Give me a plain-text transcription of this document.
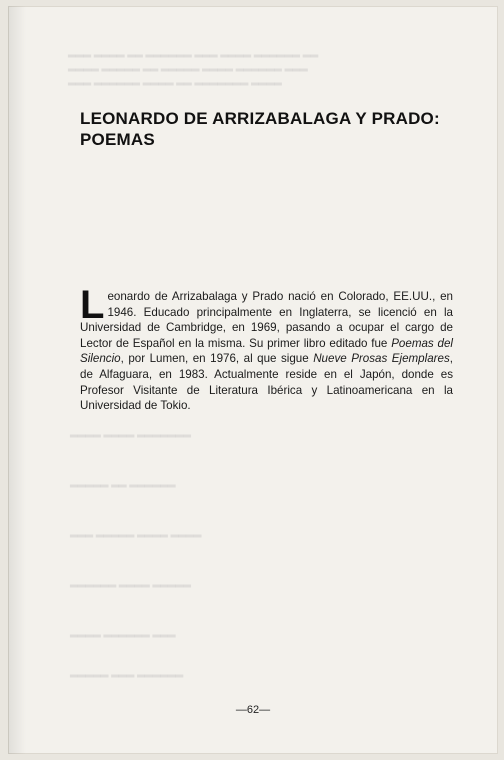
▂▂▂ ▂▂▂▂ ▂▂ ▂▂▂▂▂▂ ▂▂▂ ▂▂▂▂ ▂▂▂▂▂▂ ▂▂
▂▂▂▂ ▂▂▂▂▂ ▂▂ ▂▂▂▂▂ ▂▂▂▂ ▂▂▂▂▂▂ ▂▂▂
▂▂▂ ▂▂▂▂▂▂ ▂▂▂▂ ▂▂ ▂▂▂▂▂▂▂ ▂▂▂▂
▂▂▂▂ ▂▂▂▂ ▂▂▂▂▂▂▂
▂▂▂▂▂ ▂▂ ▂▂▂▂▂▂
▂▂▂ ▂▂▂▂▂ ▂▂▂▂ ▂▂▂▂
▂▂▂▂▂▂ ▂▂▂▂ ▂▂▂▂▂
▂▂▂▂ ▂▂▂▂▂▂ ▂▂▂
▂▂▂▂▂ ▂▂▂ ▂▂▂▂▂▂
LEONARDO DE ARRIZABALAGA Y PRADO:
POEMAS

Leonardo de Arrizabalaga y Prado nació en Colorado, EE.UU., en 1946. Educado principalmente en Inglaterra, se licenció en la Universidad de Cambridge, en 1969, pasando a ocupar el cargo de Lector de Español en la misma. Su primer libro editado fue Poemas del Silencio, por Lumen, en 1976, al que sigue Nueve Prosas Ejemplares, de Alfaguara, en 1983. Actualmente reside en el Japón, donde es Profesor Visitante de Literatura Ibérica y Latinoamericana en la Universidad de Tokio.

—62—
